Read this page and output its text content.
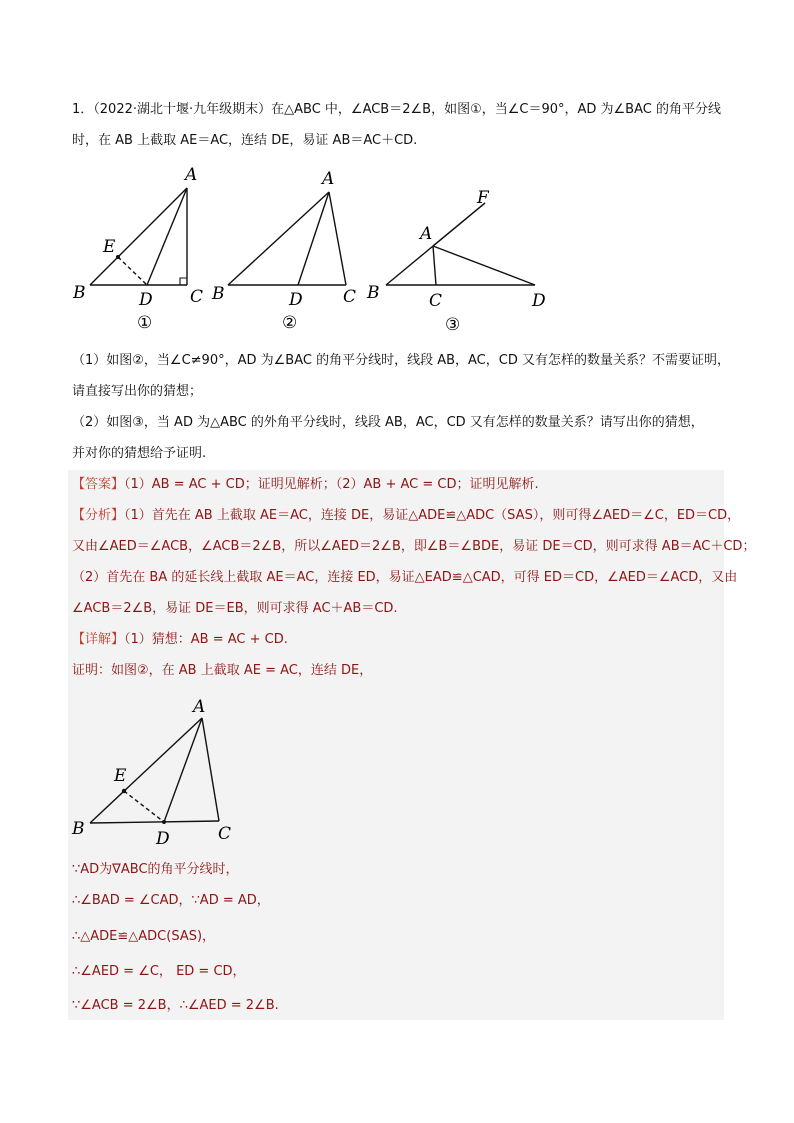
1．（2022·湖北十堰·九年级期末）在△ABC 中，∠ACB＝2∠B，如图①，当∠C＝90°，AD 为∠BAC 的角平分线
时，在 AB 上截取 AE＝AC，连结 DE，易证 AB＝AC＋CD.
A
E
B	D C
①
A
B	D C
②
F
A
B	C	D
③
（1）如图②，当∠C≠90°，AD 为∠BAC 的角平分线时，线段 AB，AC，CD 又有怎样的数量关系？不需要证明，
请直接写出你的猜想；
（2）如图③，当 AD 为△ABC 的外角平分线时，线段 AB，AC，CD 又有怎样的数量关系？请写出你的猜想，
并对你的猜想给予证明.
【答案】（1）AB = AC + CD；证明见解析；（2）AB + AC = CD；证明见解析.
【分析】（1）首先在 AB 上截取 AE＝AC，连接 DE，易证△ADE≌△ADC（SAS），则可得∠AED＝∠C，ED＝CD，
又由∠AED＝∠ACB，∠ACB＝2∠B，所以∠AED＝2∠B，即∠B＝∠BDE，易证 DE＝CD，则可求得 AB＝AC＋CD；
（2）首先在 BA 的延长线上截取 AE＝AC，连接 ED，易证△EAD≌△CAD，可得 ED＝CD，∠AED＝∠ACD，又由
∠ACB＝2∠B，易证 DE＝EB，则可求得 AC＋AB＝CD.
【详解】（1）猜想：AB = AC + CD.
证明：如图②，在 AB 上截取 AE = AC，连结 DE，
A
E
B	D	C
∵AD为∇ABC的角平分线时，
∴∠BAD = ∠CAD，∵AD = AD，
∴△ADE≌△ADC(SAS)，
∴∠AED = ∠C， ED = CD，
∵∠ACB = 2∠B，∴∠AED = 2∠B.
